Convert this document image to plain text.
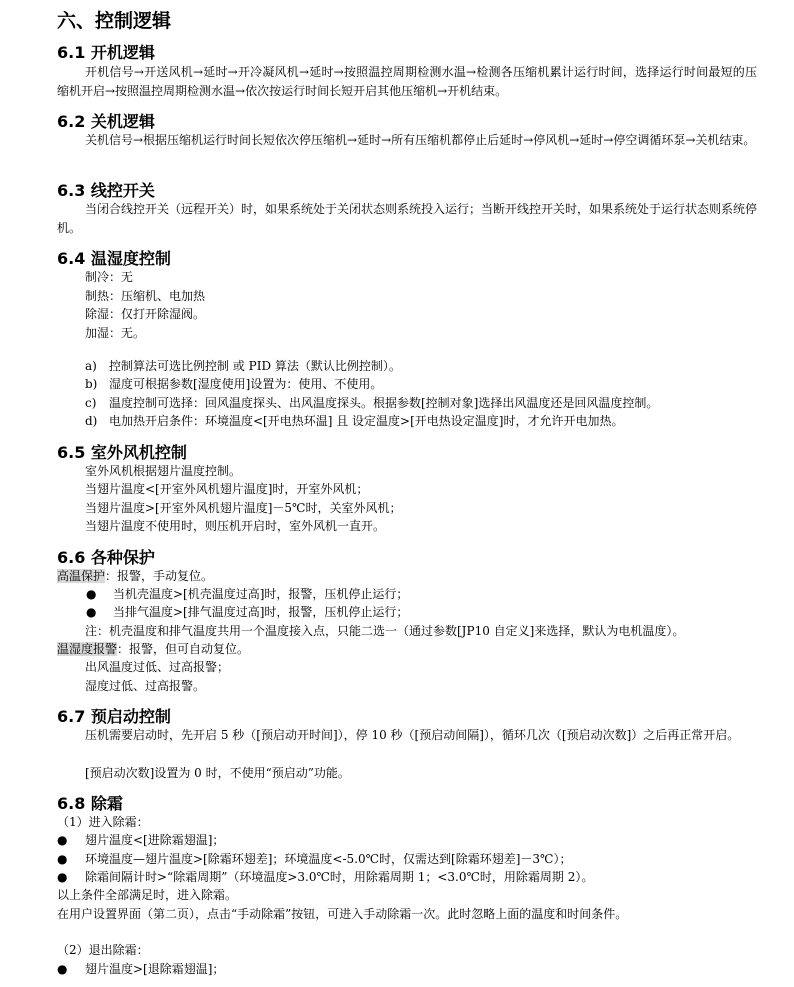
六、控制逻辑
6.1 开机逻辑
开机信号→开送风机→延时→开冷凝风机→延时→按照温控周期检测水温→检测各压缩机累计运行时间，选择运行时间最短的压缩机开启→按照温控周期检测水温→依次按运行时间长短开启其他压缩机→开机结束。
6.2 关机逻辑
关机信号→根据压缩机运行时间长短依次停压缩机→延时→所有压缩机都停止后延时→停风机→延时→停空调循环泵→关机结束。
6.3 线控开关
当闭合线控开关（远程开关）时，如果系统处于关闭状态则系统投入运行；当断开线控开关时，如果系统处于运行状态则系统停机。
6.4 温湿度控制
制冷：无
制热：压缩机、电加热
除湿：仅打开除湿阀。
加湿：无。
a) 控制算法可选比例控制 或 PID 算法（默认比例控制）。
b) 湿度可根据参数[湿度使用]设置为：使用、不使用。
c) 温度控制可选择：回风温度探头、出风温度探头。根据参数[控制对象]选择出风温度还是回风温度控制。
d) 电加热开启条件：环境温度<[开电热环温] 且 设定温度>[开电热设定温度]时，才允许开电加热。
6.5 室外风机控制
室外风机根据翅片温度控制。
当翅片温度<[开室外风机翅片温度]时，开室外风机；
当翅片温度>[开室外风机翅片温度]－5℃时，关室外风机；
当翅片温度不使用时，则压机开启时，室外风机一直开。
6.6 各种保护
高温保护：报警，手动复位。
● 当机壳温度>[机壳温度过高]时，报警，压机停止运行；
● 当排气温度>[排气温度过高]时，报警，压机停止运行；
注：机壳温度和排气温度共用一个温度接入点，只能二选一（通过参数[JP10 自定义]来选择，默认为电机温度）。
温湿度报警：报警，但可自动复位。
出风温度过低、过高报警；
湿度过低、过高报警。
6.7 预启动控制
压机需要启动时，先开启 5 秒（[预启动开时间]），停 10 秒（[预启动间隔]），循环几次（[预启动次数]）之后再正常开启。
[预启动次数]设置为 0 时，不使用“预启动”功能。
6.8 除霜
（1）进入除霜：
● 翅片温度<[进除霜翅温]；
● 环境温度—翅片温度>[除霜环翅差]；环境温度<-5.0℃时，仅需达到[除霜环翅差]－3℃）；
● 除霜间隔计时>“除霜周期”（环境温度>3.0℃时，用除霜周期 1；<3.0℃时，用除霜周期 2）。
以上条件全部满足时，进入除霜。
在用户设置界面（第二页），点击“手动除霜”按钮，可进入手动除霜一次。此时忽略上面的温度和时间条件。
（2）退出除霜：
● 翅片温度>[退除霜翅温]；
